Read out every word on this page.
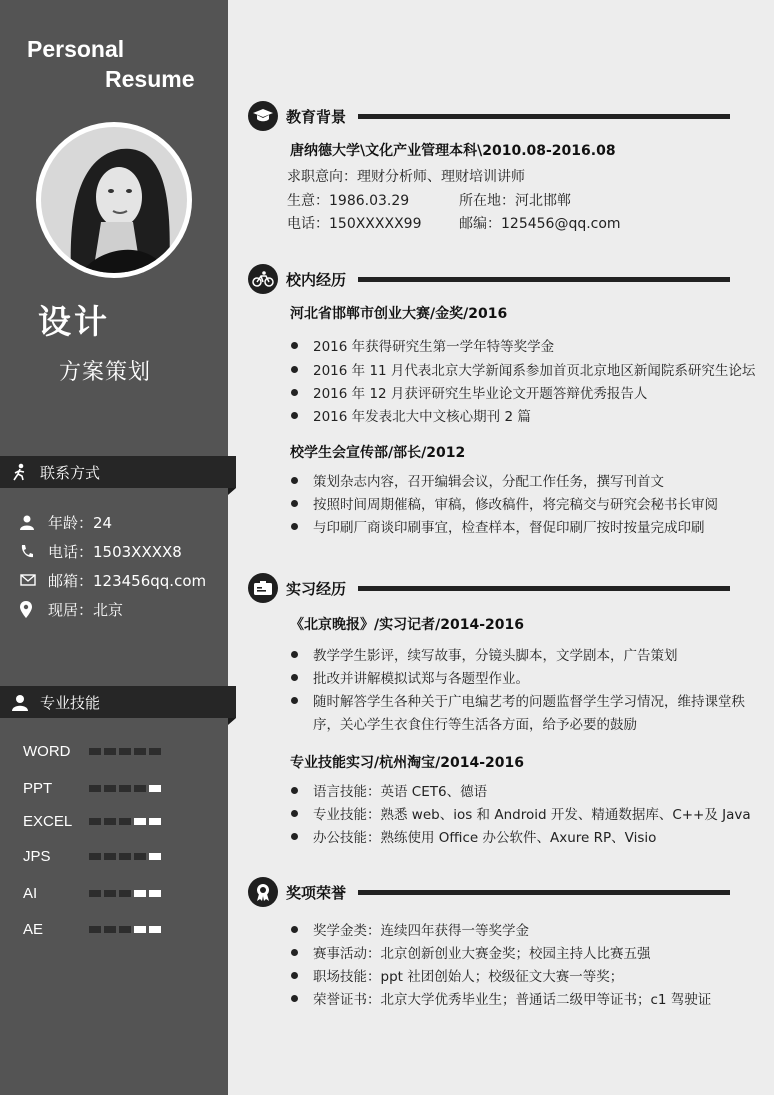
Personal
Resume
设计
方案策划
联系方式
年龄：24
电话：1503XXXX8
邮箱：123456qq.com
现居：北京
专业技能
WORD
PPT
EXCEL
JPS
AI
AE
教育背景
唐纳德大学\文化产业管理本科\2010.08-2016.08
求职意向：理财分析师、理财培训讲师
生意：1986.03.29	所在地：河北邯郸
电话：150XXXXX99	邮编：125456@qq.com
校内经历
河北省邯郸市创业大赛/金奖/2016
2016 年获得研究生第一学年特等奖学金
2016 年 11 月代表北京大学新闻系参加首页北京地区新闻院系研究生论坛
2016 年 12 月获评研究生毕业论文开题答辩优秀报告人
2016 年发表北大中文核心期刊 2 篇
校学生会宣传部/部长/2012
策划杂志内容，召开编辑会议，分配工作任务，撰写刊首文
按照时间周期催稿，审稿，修改稿件，将完稿交与研究会秘书长审阅
与印刷厂商谈印刷事宜，检查样本，督促印刷厂按时按量完成印刷
实习经历
《北京晚报》/实习记者/2014-2016
教学学生影评，续写故事，分镜头脚本，文学剧本，广告策划
批改并讲解模拟试郑与各题型作业。
随时解答学生各种关于广电编艺考的问题监督学生学习情况，维持课堂秩
序，关心学生衣食住行等生活各方面，给予必要的鼓励
专业技能实习/杭州淘宝/2014-2016
语言技能：英语 CET6、德语
专业技能：熟悉 web、ios 和 Android 开发、精通数据库、C++及 Java
办公技能：熟练使用 Office 办公软件、Axure RP、Visio
奖项荣誉
奖学金类：连续四年获得一等奖学金
赛事活动：北京创新创业大赛金奖；校园主持人比赛五强
职场技能：ppt 社团创始人；校级征文大赛一等奖；
荣誉证书：北京大学优秀毕业生；普通话二级甲等证书；c1 驾驶证
